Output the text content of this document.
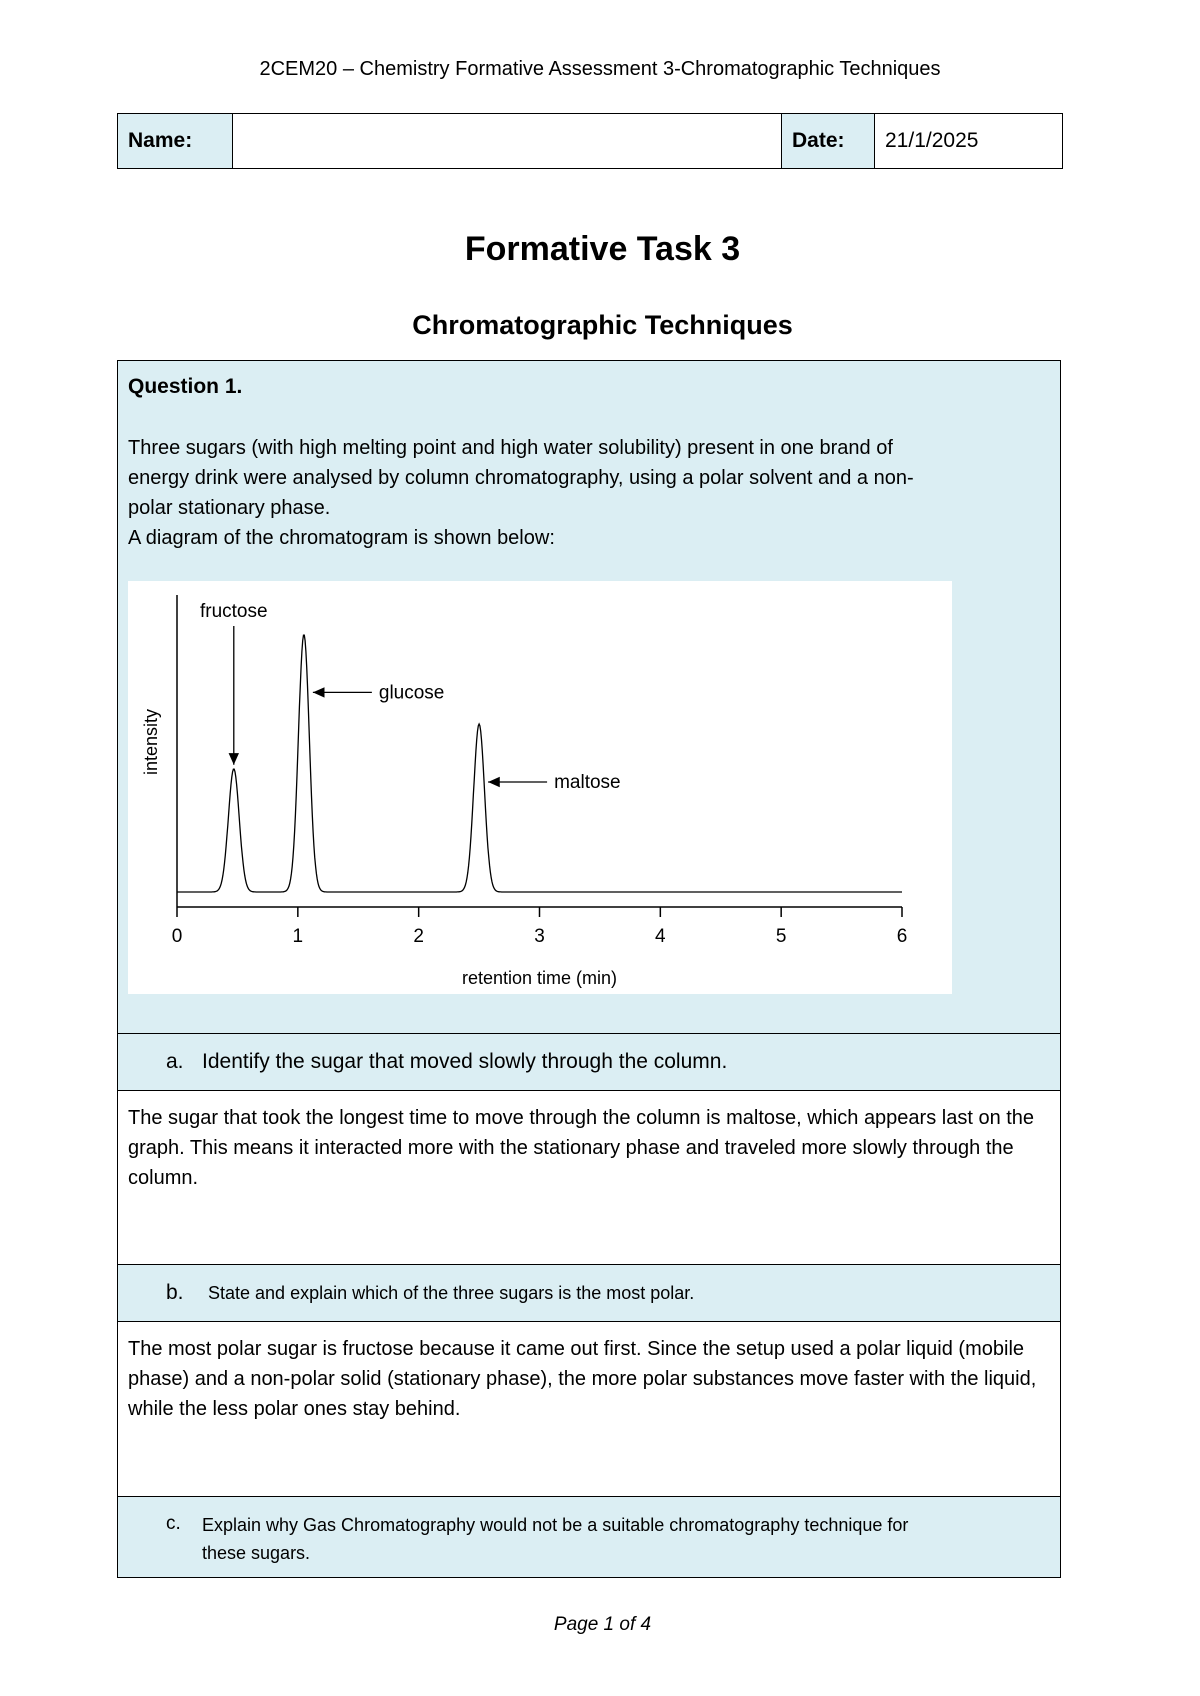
2CEM20 – Chemistry Formative Assessment 3-Chromatographic Techniques
Name:		Date:	21/1/2025
Formative Task 3
Chromatographic Techniques
Question 1.
Three sugars (with high melting point and high water solubility) present in one brand of
energy drink were analysed by column chromatography, using a polar solvent and a non-
polar stationary phase.
A diagram of the chromatogram is shown below:
0	1	2	3	4	5	6
retention time (min)
intensity
fructose
glucose
maltose
a. Identify the sugar that moved slowly through the column.
The sugar that took the longest time to move through the column is maltose, which appears last on the graph. This means it interacted more with the stationary phase and traveled more slowly through the column.
b. State and explain which of the three sugars is the most polar.
The most polar sugar is fructose because it came out first. Since the setup used a polar liquid (mobile phase) and a non-polar solid (stationary phase), the more polar substances move faster with the liquid, while the less polar ones stay behind.
c. Explain why Gas Chromatography would not be a suitable chromatography technique for
these sugars.
Page 1 of 4
